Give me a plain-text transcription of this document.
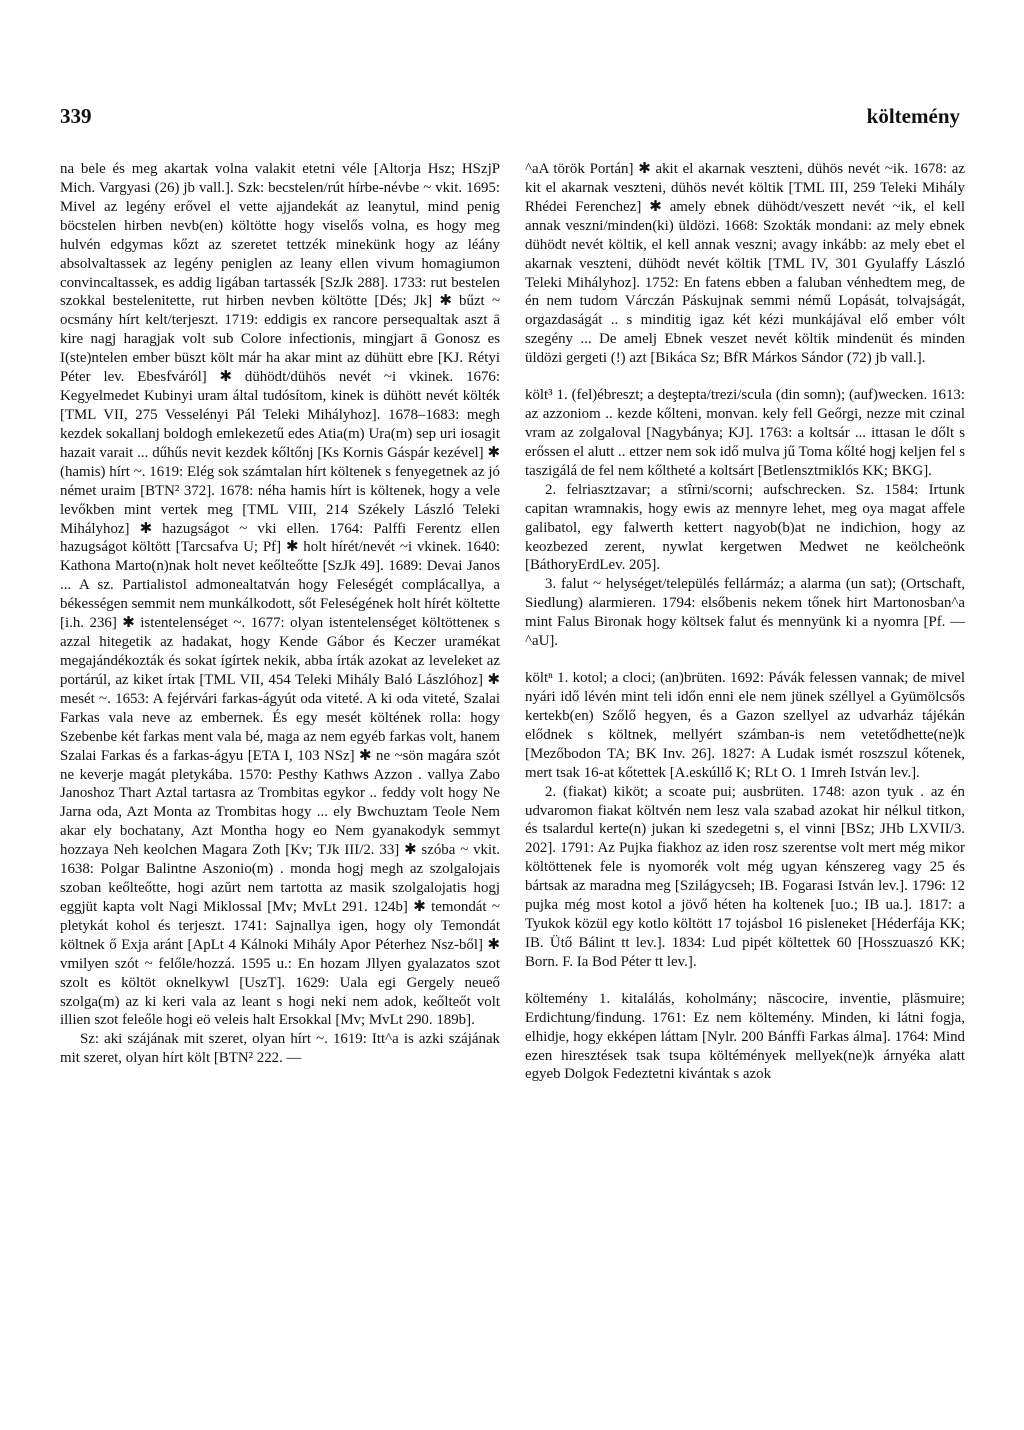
339	költemény

na bele és meg akartak volna valakit etetni véle [Altorja Hsz; HSzjP Mich. Vargyasi (26) jb vall.]. Szk: becstelen/rút hírbe-névbe ~ vkit. 1695: Mivel az legény erővel el vette ajjandekát az leanytul, mind penig böcstelen hirben nevb(en) költötte hogy viselős volna, es hogy meg hulvén edgymas kőzt az szeretet tettzék minekünk hogy az léány absolvaltassek az legény peniglen az leany ellen vivum homagiumon convincaltassek, es addig ligában tartassék [SzJk 288]. 1733: rut bestelen szokkal bestelenitette, rut hirben nevben költötte [Dés; Jk] ✱ bűzt ~ ocsmány hírt kelt/terjeszt. 1719: eddigis ex rancore persequaltak aszt ā kire nagj haragjak volt sub Colore infectionis, mingjart ā Gonosz es I(ste)ntelen ember büszt költ már ha akar mint az dühütt ebre [KJ. Rétyi Péter lev. Ebesfváról] ✱ dühödt/dühös nevét ~i vkinek. 1676: Kegyelmedet Kubinyi uram által tudósítom, kinek is dühött nevét költék [TML VII, 275 Vesselényi Pál Teleki Mihályhoz]. 1678–1683: megh kezdek sokallanj boldogh emlekezetű edes Atia(m) Ura(m) sep uri iosagit hazait varait ... dűhűs nevit kezdek kőltőnj [Ks Kornis Gáspár kezével] ✱ (hamis) hírt ~. 1619: Elég sok számtalan hírt költenek s fenyegetnek az jó német uraim [BTN² 372]. 1678: néha hamis hírt is költenek, hogy a vele levőkben mint vertek meg [TML VIII, 214 Székely László Teleki Mihályhoz] ✱ hazugságot ~ vki ellen. 1764: Palffi Ferentz ellen hazugságot költött [Tarcsafva U; Pf] ✱ holt hírét/nevét ~i vkinek. 1640: Kathona Marto(n)nak holt nevet keőlteőtte [SzJk 49]. 1689: Devai Janos ... A sz. Partialistol admonealtatván hogy Feleségét complácallya, a békességen semmit nem munkálkodott, sőt Feleségének holt hírét költette [i.h. 236] ✱ istentelenséget ~. 1677: olyan istentelenséget költötteneк s azzal hitegetik az hadakat, hogy Kende Gábor és Keczer uramékat megajándékozták és sokat ígírtek nekik, abba írták azokat az leveleket az portárúl, az kiket írtak [TML VII, 454 Teleki Mihály Baló Lászlóhoz] ✱ mesét ~. 1653: A fejérvári farkas-ágyút oda viteté. A ki oda viteté, Szalai Farkas vala neve az embernek. És egy mesét költének rolla: hogy Szebenbe két farkas ment vala bé, maga az nem egyéb farkas volt, hanem Szalai Farkas és a farkas-ágyu [ETA I, 103 NSz] ✱ ne ~sön magára szót ne keverje magát pletykába. 1570: Pesthy Kathws Azzon . vallya Zabo Janoshoz Thart Aztal tartasra az Trombitas egykor .. feddy volt hogy Ne Jarna oda, Azt Monta az Trombitas hogy ... ely Bwchuztam Teole Nem akar ely bochatany, Azt Montha hogy eo Nem gyanakodyk semmyt hozzaya Neh keolchen Magara Zoth [Kv; TJk III/2. 33] ✱ szóba ~ vkit. 1638: Polgar Balintne Aszonio(m) . monda hogj megh az szolgalojais szoban keőlteőtte, hogi azŭrt nem tartotta az masik szolgalojatis hogj eggjüt kapta volt Nagi Miklossal [Mv; MvLt 291. 124b] ✱ temondát ~ pletykát kohol és terjeszt. 1741: Sajnallya igen, hogy oly Temondát költnek ő Exja aránt [ApLt 4 Kálnoki Mihály Apor Péterhez Nsz-ből] ✱ vmilyen szót ~ felőle/hozzá. 1595 u.: En hozam Jllyen gyalazatos szot szolt es költöt oknelkywl [UszT]. 1629: Uala egi Gergely neueő szolga(m) az ki keri vala az leant s hogi neki nem adok, keőlteőt volt illien szot feleőle hogi eö veleis halt Ersokkal [Mv; MvLt 290. 189b].

Sz: aki szájának mit szeret, olyan hírt ~. 1619: Itt^a is azki szájának mit szeret, olyan hírt költ [BTN² 222. —

^aA török Portán] ✱ akit el akarnak veszteni, dühös nevét ~ik. 1678: az kit el akarnak veszteni, dühös nevét költik [TML III, 259 Teleki Mihály Rhédei Ferenchez] ✱ amely ebnek dühödt/veszett nevét ~ik, el kell annak veszni/minden(ki) üldözi. 1668: Szokták mondani: az mely ebnek dühödt nevét költik, el kell annak veszni; avagy inkább: az mely ebet el akarnak veszteni, dühödt nevét költik [TML IV, 301 Gyulaffy László Teleki Mihályhoz]. 1752: En fatens ebben a faluban vénhedtem meg, de én nem tudom Várczán Páskujnak semmi némű Lopását, tolvajságát, orgazdaságát .. s minditig igaz két kézi munkájával elő ember vólt szegény ... De amelj Ebnek veszet nevét költik mindenüt és minden üldözi gergeti (!) azt [Bikáca Sz; BfR Márkos Sándor (72) jb vall.].

költ³ 1. (fel)ébreszt; a deştepta/trezi/scula (din somn); (auf)wecken. 1613: az azzoniom .. kezde kőlteni, monvan. kely fell Geőrgi, nezze mit czinal vram az zolgaloval [Nagybánya; KJ]. 1763: a koltsár ... ittasan le dőlt s erőssen el alutt .. ettzer nem sok idő mulva jű Toma kőlté hogj keljen fel s taszigálá de fel nem kőltheté a koltsárt [Betlensztmiklós KK; BKG].

2. felriasztzavar; a stîrni/scorni; aufschrecken. Sz. 1584: Irtunk capitan wramnakis, hogy ewis az mennyre lehet, meg oya magat affele galibatol, egy falwerth ketteгt nagyob(b)at ne indichion, hogy az keozbezed zerent, nywlat kergetwen Medwet ne keölcheönk [BáthoryErdLev. 205].

3. falut ~ helységet/település fellármáz; a alarma (un sat); (Ortschaft, Siedlung) alarmieren. 1794: elsőbenis nekem tőnek hirt Martonosban^a mint Falus Bironak hogy költsek falut és mennyünk ki a nyomra [Pf. — ^aU].

költⁿ 1. kotol; a cloci; (an)brüten. 1692: Pávák felessen vannak; de mivel nyári idő lévén mint teli időn enni ele nem jünek széllyel a Gyümölcsős kertekb(en) Szőlő hegyen, és a Gazon szellyel az udvarház tájékán elődnek s költnek, mellyért számban-is nem vetetődhette(ne)k [Mezőbodon TA; BK Inv. 26]. 1827: A Ludak ismét roszszul kőtenek, mert tsak 16-at kőtettek [A.eskúllő K; RLt O. 1 Imreh István lev.].

2. (fiakat) kiköt; a scoate pui; ausbrüten. 1748: azon tyuk . az én udvaromon fiakat költvén nem lesz vala szabad azokat hir nélkul titkon, és tsalardul kerte(n) jukan ki szedegetni s, el vinni [BSz; JHb LXVII/3. 202]. 1791: Az Pujka fiakhoz az iden rosz szerentse volt mert még mikor költöttenek fele is nyomorék volt még ugyan kénszereg vagy 25 és bártsak az maradna meg [Szilágycseh; IB. Fogarasi István lev.]. 1796: 12 pujka még most kotol a jövő héten ha koltenek [uo.; IB ua.]. 1817: a Tyukok közül egy kotlo költött 17 tojásbol 16 pisleneket [Héderfája KK; IB. Ütő Bálint tt lev.]. 1834: Lud pipét költettek 60 [Hosszuaszó KK; Born. F. Ia Bod Péter tt lev.].

költemény 1. kitalálás, koholmány; născocire, inventie, plăsmuire; Erdichtung/findung. 1761: Ez nem költemény. Minden, ki látni fogja, elhidje, hogy ekképen láttam [Nylr. 200 Bánffi Farkas álma]. 1764: Mind ezen hiresztések tsak tsupa költémények mellyek(ne)k árnyéka alatt egyeb Dolgok Fedeztetni kivántak s azok
